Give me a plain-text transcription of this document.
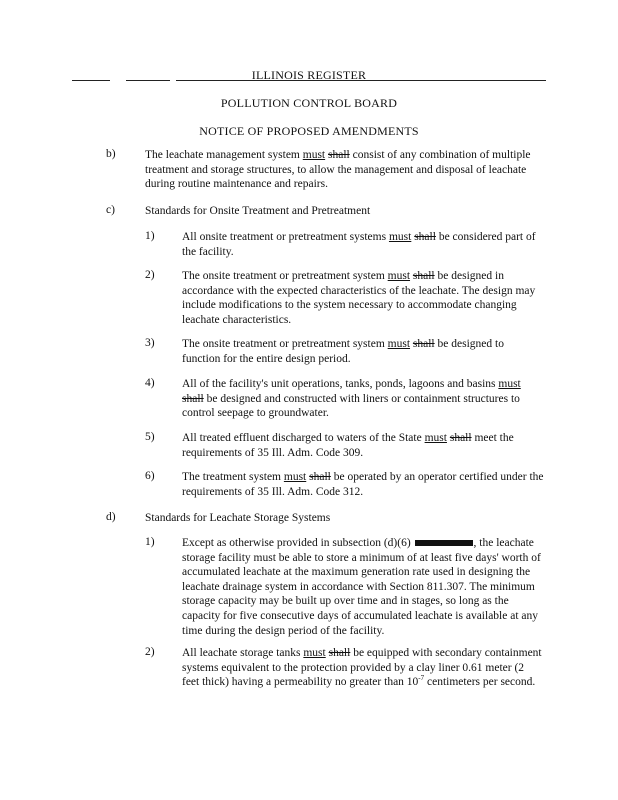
ILLINOIS REGISTER
POLLUTION CONTROL BOARD
NOTICE OF PROPOSED AMENDMENTS
b)	The leachate management system must shall consist of any combination of multiple treatment and storage structures, to allow the management and disposal of leachate during routine maintenance and repairs.
c)	Standards for Onsite Treatment and Pretreatment
1) All onsite treatment or pretreatment systems must shall be considered part of the facility.
2) The onsite treatment or pretreatment system must shall be designed in accordance with the expected characteristics of the leachate. The design may include modifications to the system necessary to accommodate changing leachate characteristics.
3) The onsite treatment or pretreatment system must shall be designed to function for the entire design period.
4) All of the facility's unit operations, tanks, ponds, lagoons and basins must shall be designed and constructed with liners or containment structures to control seepage to groundwater.
5) All treated effluent discharged to waters of the State must shall meet the requirements of 35 Ill. Adm. Code 309.
6) The treatment system must shall be operated by an operator certified under the requirements of 35 Ill. Adm. Code 312.
d)	Standards for Leachate Storage Systems
1) Except as otherwise provided in subsection (d)(6)	, the leachate storage facility must be able to store a minimum of at least five days' worth of accumulated leachate at the maximum generation rate used in designing the leachate drainage system in accordance with Section 811.307. The minimum storage capacity may be built up over time and in stages, so long as the capacity for five consecutive days of accumulated leachate is available at any time during the design period of the facility.
2) All leachate storage tanks must shall be equipped with secondary containment systems equivalent to the protection provided by a clay liner 0.61 meter (2 feet thick) having a permeability no greater than $10^{-7}$ centimeters per second.
